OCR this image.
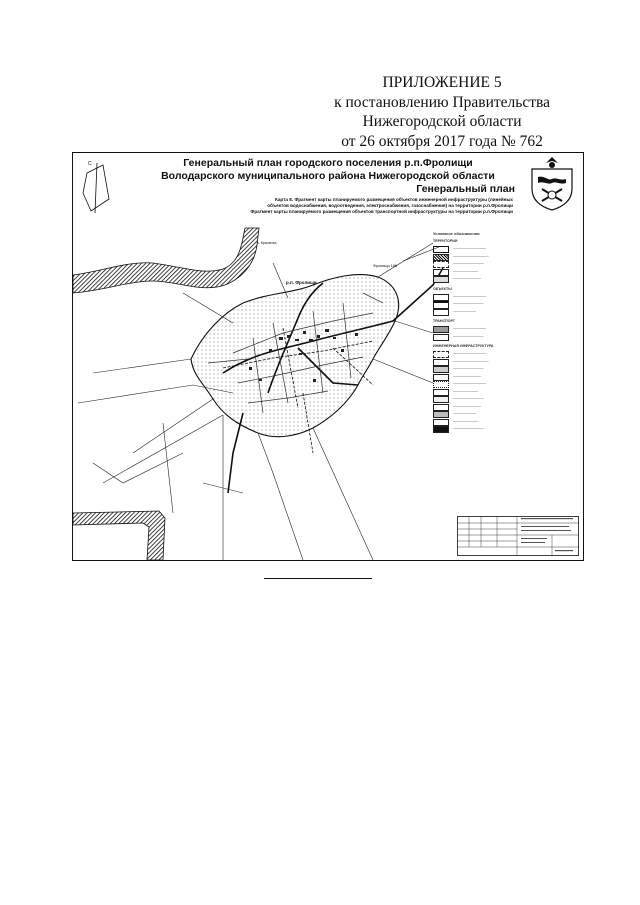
ПРИЛОЖЕНИЕ 5
к постановлению Правительства
Нижегородской области
от 26 октября 2017 года № 762
С
р.п. Фролищи
Фролищи 186
р. Крылатка
Генеральный план городского поселения р.п.Фролищи
Володарского муниципального района Нижегородской области
Генеральный план
Карта 8. Фрагмент карты планируемого размещения объектов инженерной инфраструктуры (линейных
объектов водоснабжения, водоотведения, электроснабжения, газоснабжения) на территории р.п.Фролищи
Фрагмент карты планируемого размещения объектов транспортной инфраструктуры на территории р.п.Фролищи
Условные обозначения
ТЕРРИТОРИИ
─────────────
──────────────
────────────
──────────
───────────
ОБЪЕКТЫ
─────────────
────────────
─────────
ТРАНСПОРТ
─────────────
────────────
ИНЖЕНЕРНАЯ ИНФРАСТРУКТУРА
─────────────
──────────────
────────────
───────────
─────────────
──────────
────────────
───────────
─────────
──────────
────────────
